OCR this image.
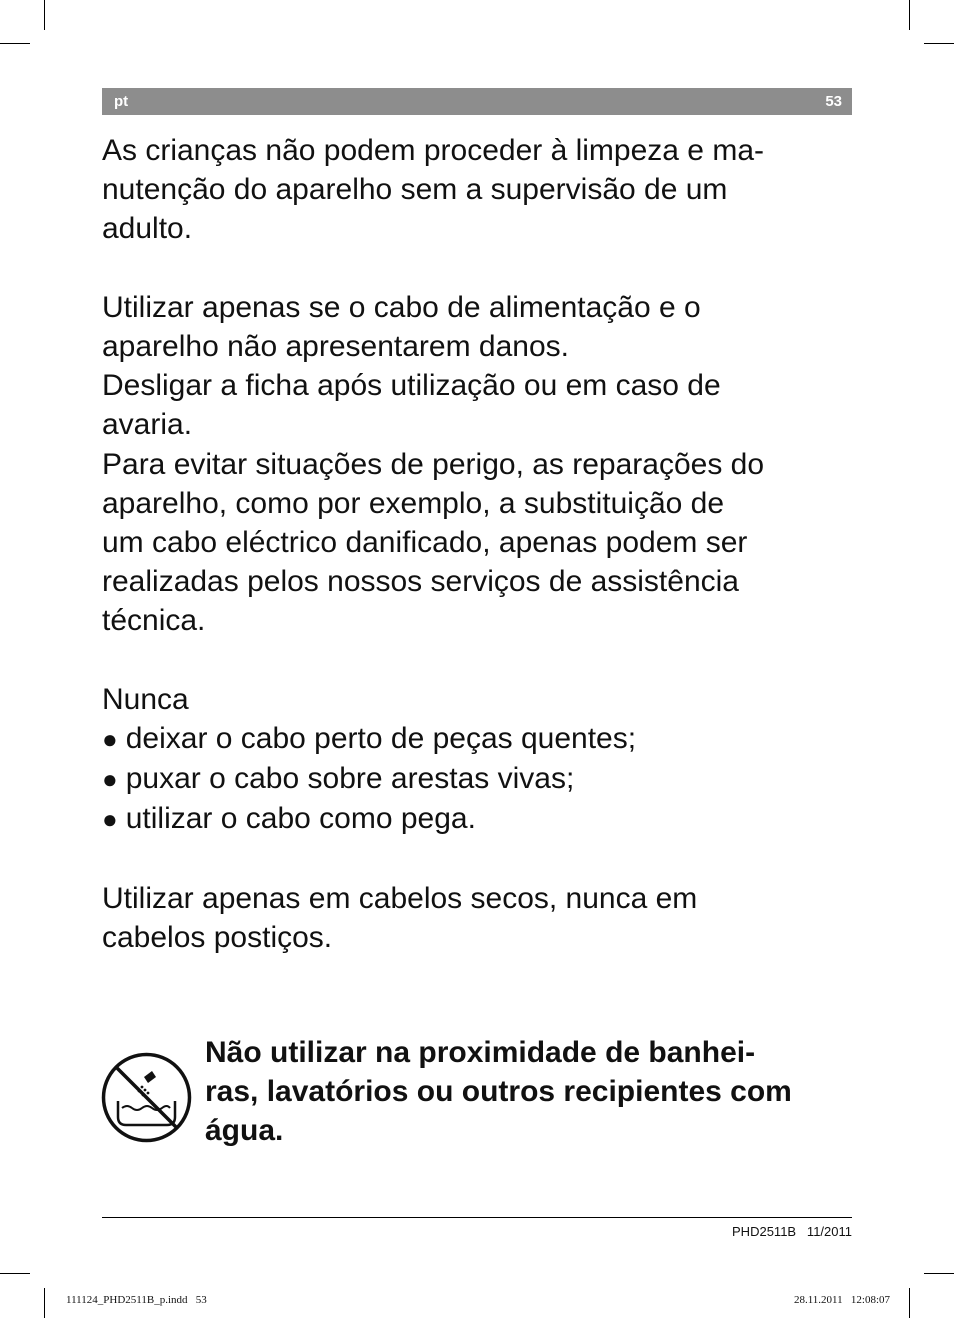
pt	53

As crianças não podem proceder à limpeza e ma-

nutenção do aparelho sem a supervisão de um

adulto.

Utilizar apenas se o cabo de alimentação e o

aparelho não apresentarem danos.

Desligar a ficha após utilização ou em caso de

avaria.

Para evitar situações de perigo, as reparações do

aparelho, como por exemplo, a substituição de

um cabo eléctrico danificado, apenas podem ser

realizadas pelos nossos serviços de assistência

técnica.

Nunca

● deixar o cabo perto de peças quentes;

● puxar o cabo sobre arestas vivas;

● utilizar o cabo como pega.

Utilizar apenas em cabelos secos, nunca em

cabelos postiços.

Não utilizar na proximidade de banhei-

ras, lavatórios ou outros recipientes com

água.

PHD2511B   11/2011
111124_PHD2511B_p.indd   53	28.11.2011   12:08:07
